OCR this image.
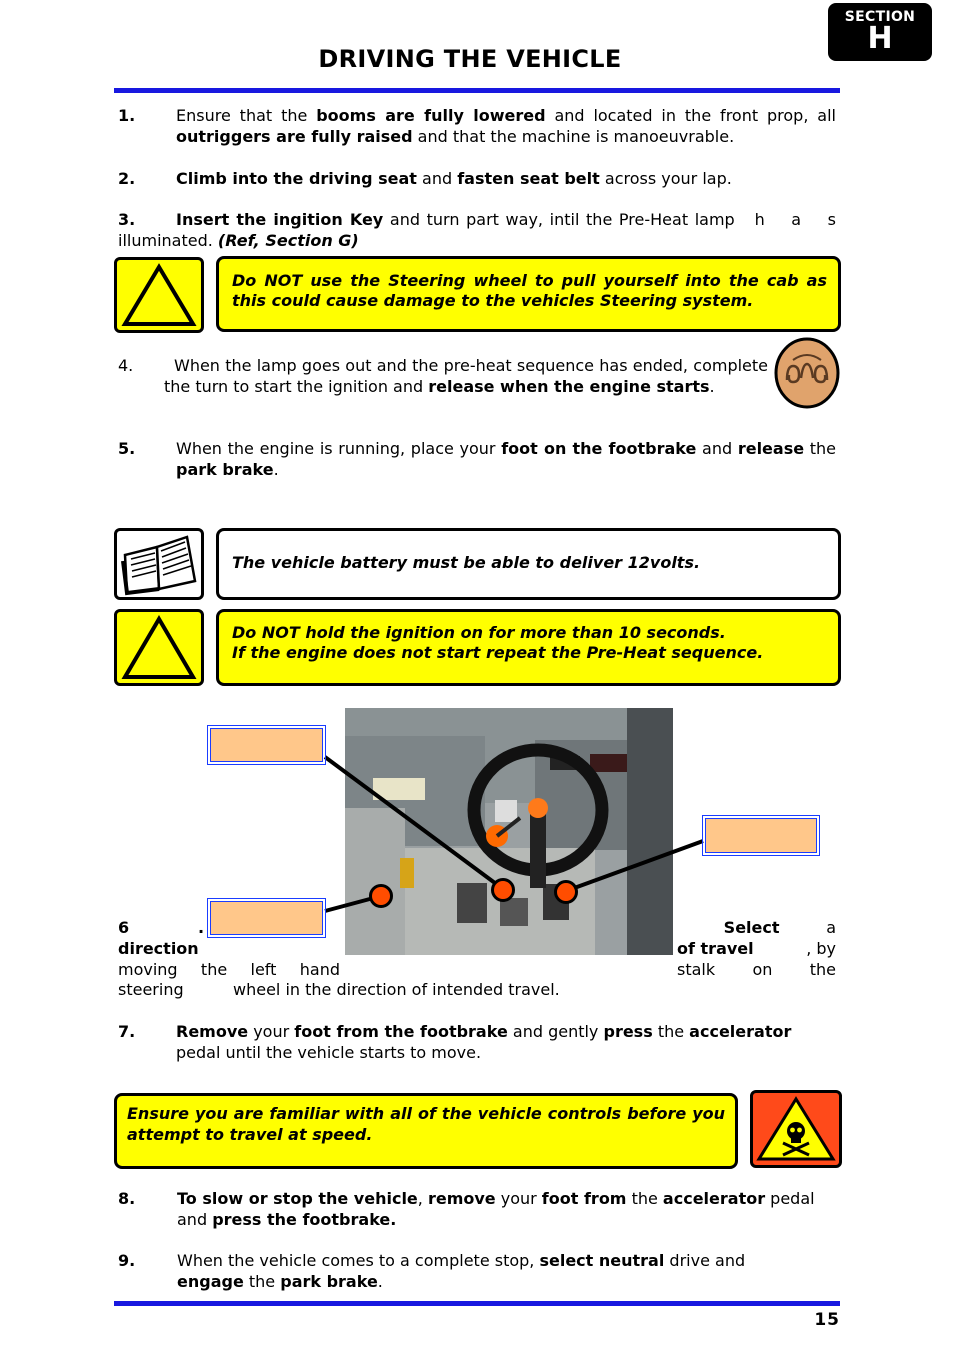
SECTION
H
DRIVING THE VEHICLE
1.	Ensure that the booms are fully lowered and located in the front prop, all outriggers are fully raised and that the machine is manoeuvrable.
2.	Climb into the driving seat and fasten seat belt across your lap.
3.	Insert the ingition Key and turn part way, intil the Pre-Heat lamp   h    a    s illuminated. (Ref, Section G)
Do NOT use the Steering wheel to pull yourself into the cab as this could cause damage to the vehicles Steering system.
4.	When the lamp goes out and the pre-heat sequence has ended, complete the turn to start the ignition and release when the engine starts.
5.	When the engine is running, place your foot on the footbrake and release the park brake.
The vehicle battery must be able to deliver 12volts.
Do NOT hold the ignition on for more than 10 seconds.
If the engine does not start repeat the Pre-Heat sequence.
6	.
direction
moving the left hand
steering	wheel in the direction of intended travel.
Select	a
of travel	, by
stalk on the
7.	Remove your foot from the footbrake and gently press the accelerator pedal until the vehicle starts to move.
Ensure you are familiar with all of the vehicle controls before you attempt to travel at speed.
8.	To slow or stop the vehicle, remove your foot from the accelerator pedal and press the footbrake.
9.	When the vehicle comes to a complete stop, select neutral drive and engage the park brake.
15
